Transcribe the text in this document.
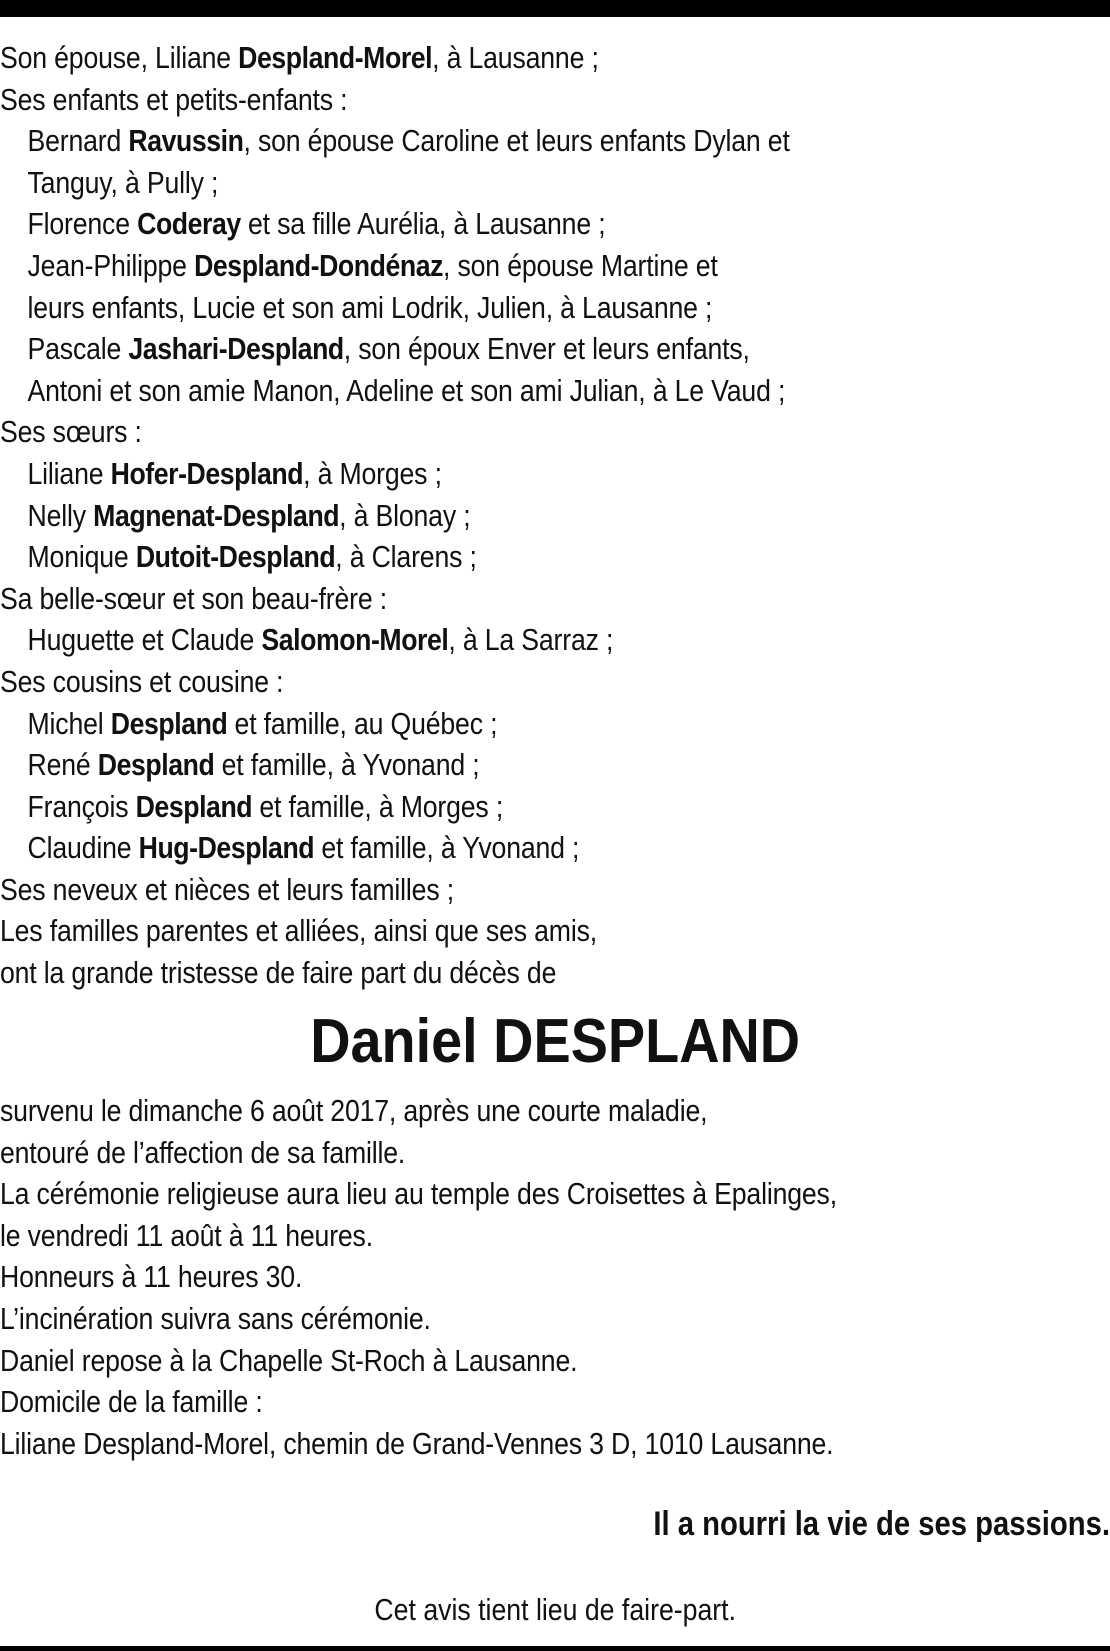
Son épouse, Liliane Despland-Morel, à Lausanne ;
Ses enfants et petits-enfants :
Bernard Ravussin, son épouse Caroline et leurs enfants Dylan et
Tanguy, à Pully ;
Florence Coderay et sa fille Aurélia, à Lausanne ;
Jean-Philippe Despland-Dondénaz, son épouse Martine et
leurs enfants, Lucie et son ami Lodrik, Julien, à Lausanne ;
Pascale Jashari-Despland, son époux Enver et leurs enfants,
Antoni et son amie Manon, Adeline et son ami Julian, à Le Vaud ;
Ses sœurs :
Liliane Hofer-Despland, à Morges ;
Nelly Magnenat-Despland, à Blonay ;
Monique Dutoit-Despland, à Clarens ;
Sa belle-sœur et son beau-frère :
Huguette et Claude Salomon-Morel, à La Sarraz ;
Ses cousins et cousine :
Michel Despland et famille, au Québec ;
René Despland et famille, à Yvonand ;
François Despland et famille, à Morges ;
Claudine Hug-Despland et famille, à Yvonand ;
Ses neveux et nièces et leurs familles ;
Les familles parentes et alliées, ainsi que ses amis,
ont la grande tristesse de faire part du décès de
Daniel DESPLAND
survenu le dimanche 6 août 2017, après une courte maladie,
entouré de l’affection de sa famille.
La cérémonie religieuse aura lieu au temple des Croisettes à Epalinges,
le vendredi 11 août à 11 heures.
Honneurs à 11 heures 30.
L’incinération suivra sans cérémonie.
Daniel repose à la Chapelle St-Roch à Lausanne.
Domicile de la famille :
Liliane Despland-Morel, chemin de Grand-Vennes 3 D, 1010 Lausanne.
Il a nourri la vie de ses passions.
Cet avis tient lieu de faire-part.
